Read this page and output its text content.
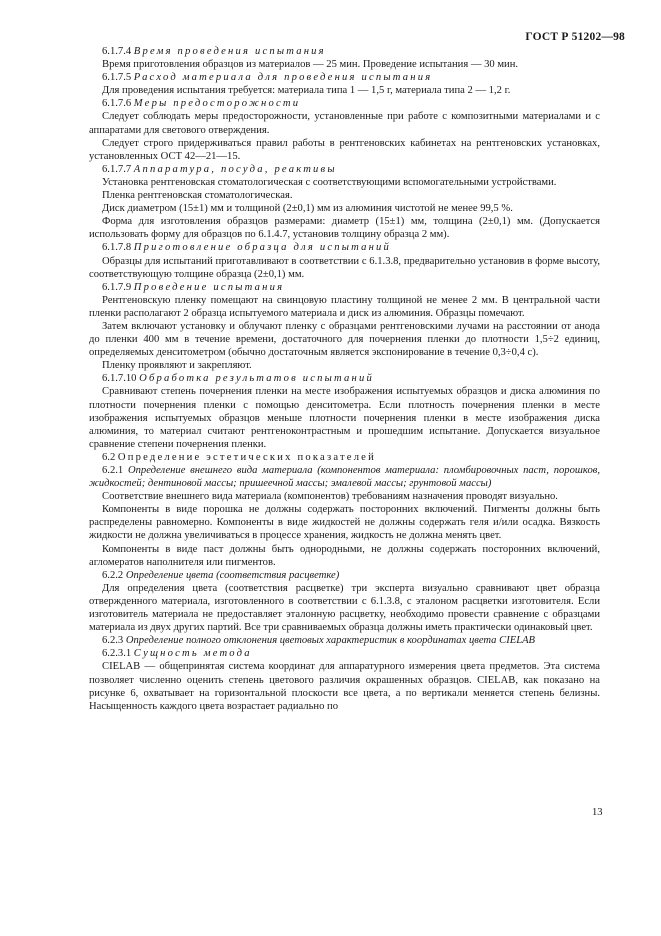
ГОСТ Р 51202—98

6.1.7.4 Время проведения испытания

Время приготовления образцов из материалов — 25 мин. Проведение испытания — 30 мин.

6.1.7.5 Расход материала для проведения испытания

Для проведения испытания требуется: материала типа 1 — 1,5 г, материала типа 2 — 1,2 г.

6.1.7.6 Меры предосторожности

Следует соблюдать меры предосторожности, установленные при работе с композитными материалами и с аппаратами для светового отверждения.

Следует строго придерживаться правил работы в рентгеновских кабинетах на рентгеновских установках, установленных ОСТ 42—21—15.

6.1.7.7 Аппаратура, посуда, реактивы

Установка рентгеновская стоматологическая с соответствующими вспомогательными устройствами.

Пленка рентгеновская стоматологическая.

Диск диаметром (15±1) мм и толщиной (2±0,1) мм из алюминия чистотой не менее 99,5 %.

Форма для изготовления образцов размерами: диаметр (15±1) мм, толщина (2±0,1) мм. (Допускается использовать форму для образцов по 6.1.4.7, установив толщину образца 2 мм).

6.1.7.8 Приготовление образца для испытаний

Образцы для испытаний приготавливают в соответствии с 6.1.3.8, предварительно установив в форме высоту, соответствующую толщине образца (2±0,1) мм.

6.1.7.9 Проведение испытания

Рентгеновскую пленку помещают на свинцовую пластину толщиной не менее 2 мм. В центральной части пленки располагают 2 образца испытуемого материала и диск из алюминия. Образцы помечают.

Затем включают установку и облучают пленку с образцами рентгеновскими лучами на расстоянии от анода до пленки 400 мм в течение времени, достаточного для почернения пленки до плотности 1,5÷2 единиц, определяемых денситометром (обычно достаточным является экспонирование в течение 0,3÷0,4 с).

Пленку проявляют и закрепляют.

6.1.7.10 Обработка результатов испытаний

Сравнивают степень почернения пленки на месте изображения испытуемых образцов и диска алюминия по плотности почернения пленки с помощью денситометра. Если плотность почернения пленки в месте изображения испытуемых образцов меньше плотности почернения пленки в месте изображения диска алюминия, то материал считают рентгеноконтрастным и прошедшим испытание. Допускается визуальное сравнение степени почернения пленки.

6.2 Определение эстетических показателей

6.2.1 Определение внешнего вида материала (компонентов материала: пломбировочных паст, порошков, жидкостей; дентиновой массы; пришеечной массы; эмалевой массы; грунтовой массы)

Соответствие внешнего вида материала (компонентов) требованиям назначения проводят визуально.

Компоненты в виде порошка не должны содержать посторонних включений. Пигменты должны быть распределены равномерно. Компоненты в виде жидкостей не должны содержать геля и/или осадка. Вязкость жидкости не должна увеличиваться в процессе хранения, жидкость не должна менять цвет.

Компоненты в виде паст должны быть однородными, не должны содержать посторонних включений, агломератов наполнителя или пигментов.

6.2.2 Определение цвета (соответствия расцветке)

Для определения цвета (соответствия расцветке) три эксперта визуально сравнивают цвет образца отвержденного материала, изготовленного в соответствии с 6.1.3.8, с эталоном расцветки изготовителя. Если изготовитель материала не предоставляет эталонную расцветку, необходимо провести сравнение с образцами материала из двух других партий. Все три сравниваемых образца должны иметь практически одинаковый цвет.

6.2.3 Определение полного отклонения цветовых характеристик в координатах цвета CIELAB

6.2.3.1 Сущность метода

CIELAB — общепринятая система координат для аппаратурного измерения цвета предметов. Эта система позволяет численно оценить степень цветового различия окрашенных образцов. CIELAB, как показано на рисунке 6, охватывает на горизонтальной плоскости все цвета, а по вертикали меняется степень белизны. Насыщенность каждого цвета возрастает радиально по

13
